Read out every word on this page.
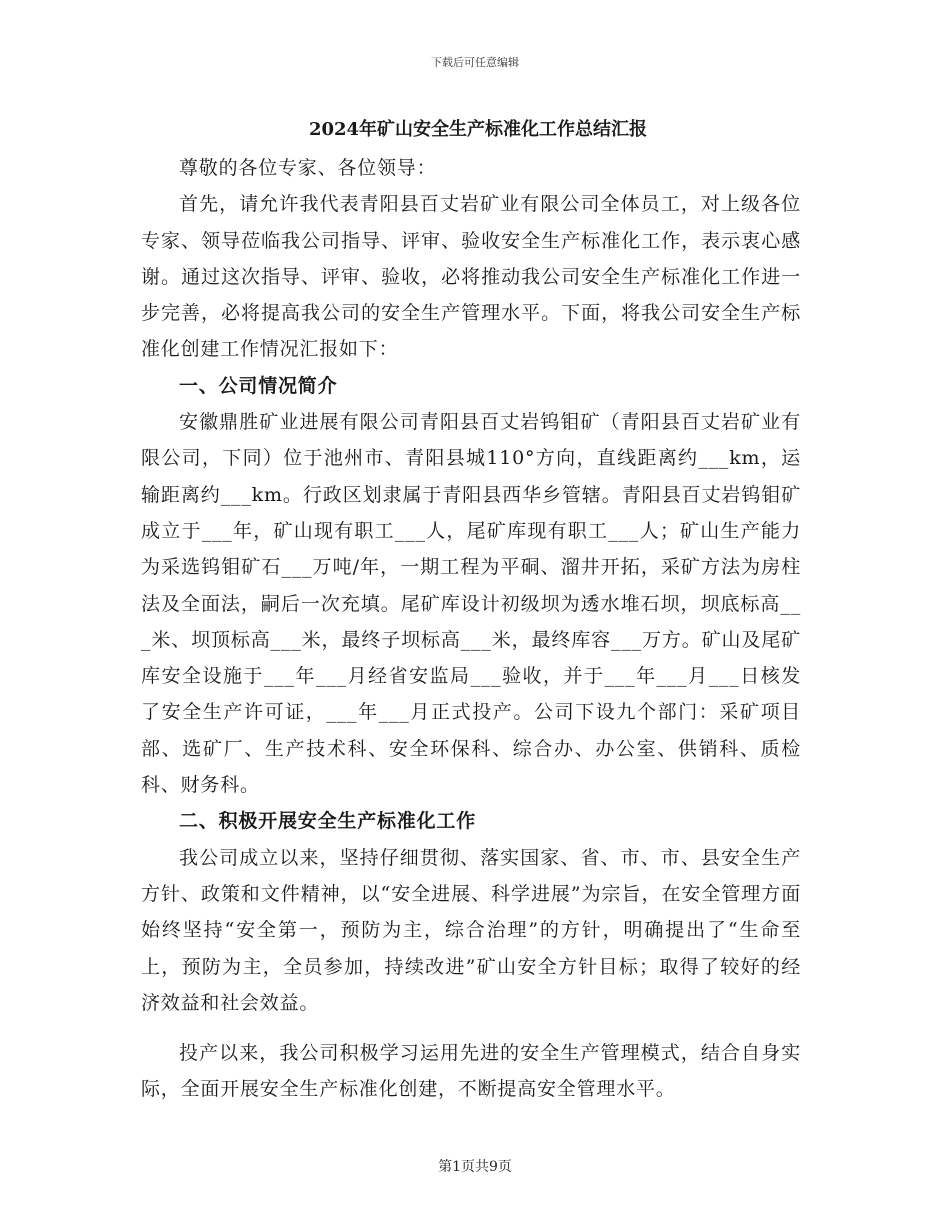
下载后可任意编辑
2024年矿山安全生产标准化工作总结汇报

尊敬的各位专家、各位领导：

首先，请允许我代表青阳县百丈岩矿业有限公司全体员工，对上级各位专家、领导莅临我公司指导、评审、验收安全生产标准化工作，表示衷心感谢。通过这次指导、评审、验收，必将推动我公司安全生产标准化工作进一步完善，必将提高我公司的安全生产管理水平。下面，将我公司安全生产标准化创建工作情况汇报如下：

一、公司情况简介

安徽鼎胜矿业进展有限公司青阳县百丈岩钨钼矿（青阳县百丈岩矿业有限公司，下同）位于池州市、青阳县城110°方向，直线距离约___km，运输距离约___km。行政区划隶属于青阳县西华乡管辖。青阳县百丈岩钨钼矿成立于___年，矿山现有职工___人，尾矿库现有职工___人；矿山生产能力为采选钨钼矿石___万吨/年，一期工程为平硐、溜井开拓，采矿方法为房柱法及全面法，嗣后一次充填。尾矿库设计初级坝为透水堆石坝，坝底标高___米、坝顶标高___米，最终子坝标高___米，最终库容___万方。矿山及尾矿库安全设施于___年___月经省安监局___验收，并于___年___月___日核发了安全生产许可证，___年___月正式投产。公司下设九个部门：采矿项目部、选矿厂、生产技术科、安全环保科、综合办、办公室、供销科、质检科、财务科。

二、积极开展安全生产标准化工作

我公司成立以来，坚持仔细贯彻、落实国家、省、市、市、县安全生产方针、政策和文件精神，以“安全进展、科学进展”为宗旨，在安全管理方面始终坚持“安全第一，预防为主，综合治理”的方针，明确提出了“生命至上，预防为主，全员参加，持续改进”矿山安全方针目标；取得了较好的经济效益和社会效益。

投产以来，我公司积极学习运用先进的安全生产管理模式，结合自身实际，全面开展安全生产标准化创建，不断提高安全管理水平。

第1页共9页
